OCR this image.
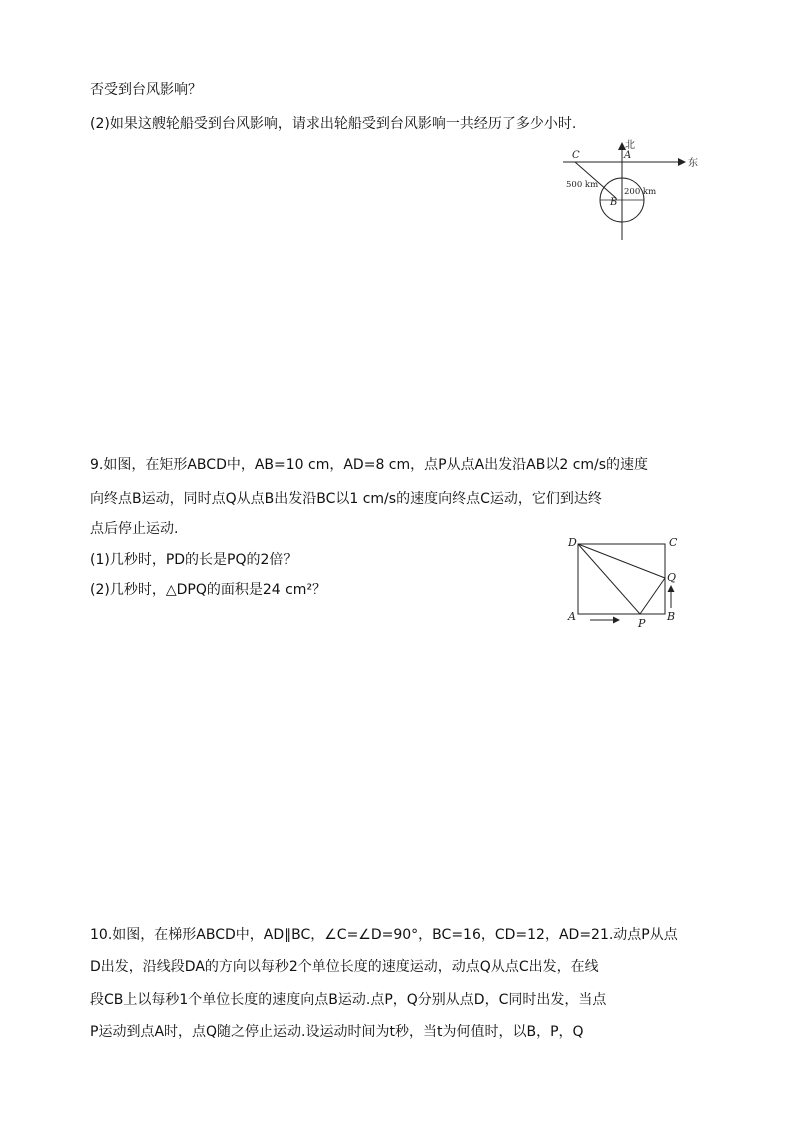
否受到台风影响？
(2)如果这艘轮船受到台风影响，请求出轮船受到台风影响一共经历了多少小时.
北
东
C	A
B
500 km
200 km
9.如图，在矩形ABCD中，AB=10 cm，AD=8 cm，点P从点A出发沿AB以2 cm/s的速度
向终点B运动，同时点Q从点B出发沿BC以1 cm/s的速度向终点C运动，它们到达终
点后停止运动.
(1)几秒时，PD的长是PQ的2倍？
(2)几秒时，△DPQ的面积是24 cm²？
D	C
Q
A
P
B
10.如图，在梯形ABCD中，AD∥BC，∠C=∠D=90°，BC=16，CD=12，AD=21.动点P从点
D出发，沿线段DA的方向以每秒2个单位长度的速度运动，动点Q从点C出发，在线
段CB上以每秒1个单位长度的速度向点B运动.点P，Q分别从点D，C同时出发，当点
P运动到点A时，点Q随之停止运动.设运动时间为t秒，当t为何值时，以B，P，Q
